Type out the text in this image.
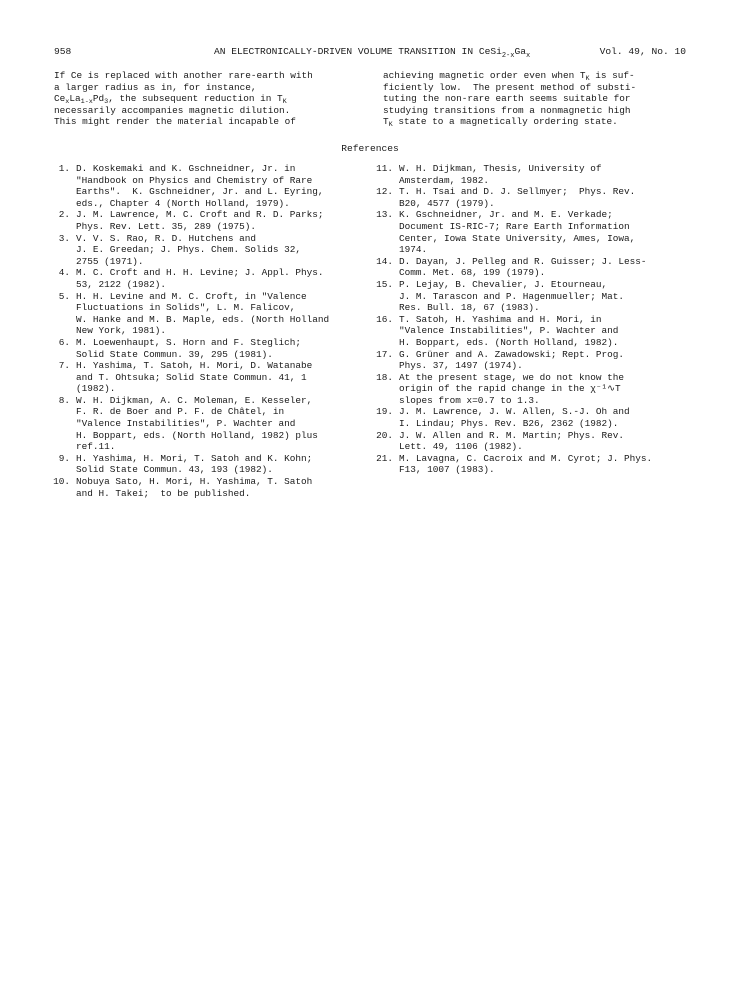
958	AN ELECTRONICALLY-DRIVEN VOLUME TRANSITION IN $CeSi_{2-x}Ga_x$	Vol. 49, No. 10
If Ce is replaced with another rare-earth with
a larger radius as in, for instance,
$Ce_xLa_{1-x}Pd_3$, the subsequent reduction in $T_K$
necessarily accompanies magnetic dilution.
This might render the material incapable of
achieving magnetic order even when $T_K$ is suf-
ficiently low.  The present method of substi-
tuting the non-rare earth seems suitable for
studying transitions from a nonmagnetic high
$T_K$ state to a magnetically ordering state.
References
1. D. Koskemaki and K. Gschneidner, Jr. in
"Handbook on Physics and Chemistry of Rare
Earths".  K. Gschneidner, Jr. and L. Eyring,
eds., Chapter 4 (North Holland, 1979).
2. J. M. Lawrence, M. C. Croft and R. D. Parks;
Phys. Rev. Lett. 35, 289 (1975).
3. V. V. S. Rao, R. D. Hutchens and
J. E. Greedan; J. Phys. Chem. Solids 32,
2755 (1971).
4. M. C. Croft and H. H. Levine; J. Appl. Phys.
53, 2122 (1982).
5. H. H. Levine and M. C. Croft, in "Valence
Fluctuations in Solids", L. M. Falicov,
W. Hanke and M. B. Maple, eds. (North Holland
New York, 1981).
6. M. Loewenhaupt, S. Horn and F. Steglich;
Solid State Commun. 39, 295 (1981).
7. H. Yashima, T. Satoh, H. Mori, D. Watanabe
and T. Ohtsuka; Solid State Commun. 41, 1
(1982).
8. W. H. Dijkman, A. C. Moleman, E. Kesseler,
F. R. de Boer and P. F. de Châtel, in
"Valence Instabilities", P. Wachter and
H. Boppart, eds. (North Holland, 1982) plus
ref.11.
9. H. Yashima, H. Mori, T. Satoh and K. Kohn;
Solid State Commun. 43, 193 (1982).
10. Nobuya Sato, H. Mori, H. Yashima, T. Satoh
and H. Takei;  to be published.
11. W. H. Dijkman, Thesis, University of
Amsterdam, 1982.
12. T. H. Tsai and D. J. Sellmyer;  Phys. Rev.
B20, 4577 (1979).
13. K. Gschneidner, Jr. and M. E. Verkade;
Document IS-RIC-7; Rare Earth Information
Center, Iowa State University, Ames, Iowa,
1974.
14. D. Dayan, J. Pelleg and R. Guisser; J. Less-
Comm. Met. 68, 199 (1979).
15. P. Lejay, B. Chevalier, J. Etourneau,
J. M. Tarascon and P. Hagenmueller; Mat.
Res. Bull. 18, 67 (1983).
16. T. Satoh, H. Yashima and H. Mori, in
"Valence Instabilities", P. Wachter and
H. Boppart, eds. (North Holland, 1982).
17. G. Grüner and A. Zawadowski; Rept. Prog.
Phys. 37, 1497 (1974).
18. At the present stage, we do not know the
origin of the rapid change in the χ⁻¹∿T
slopes from x=0.7 to 1.3.
19. J. M. Lawrence, J. W. Allen, S.-J. Oh and
I. Lindau; Phys. Rev. B26, 2362 (1982).
20. J. W. Allen and R. M. Martin; Phys. Rev.
Lett. 49, 1106 (1982).
21. M. Lavagna, C. Cacroix and M. Cyrot; J. Phys.
F13, 1007 (1983).
